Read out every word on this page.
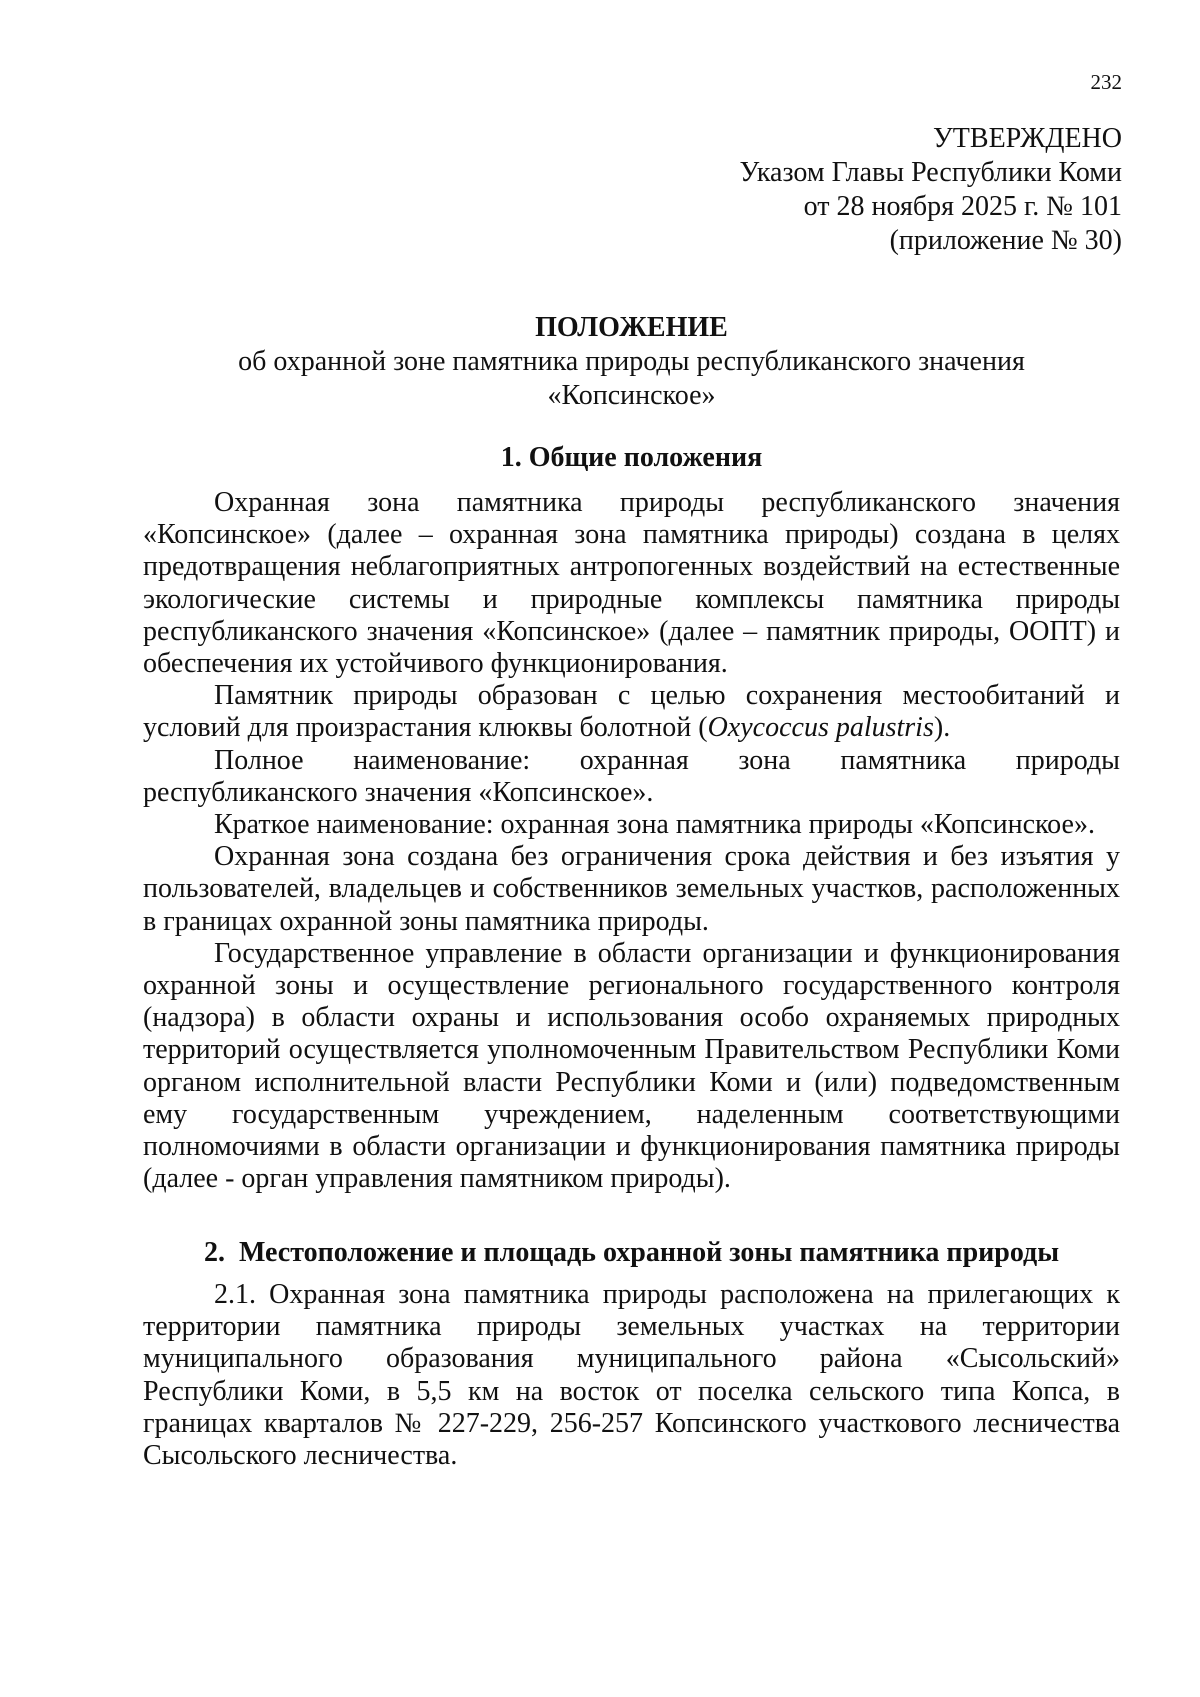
232
УТВЕРЖДЕНО
Указом Главы Республики Коми
от 28 ноября 2025 г. № 101
(приложение № 30)
ПОЛОЖЕНИЕ
об охранной зоне памятника природы республиканского значения
«Копсинское»
1. Общие положения

Охранная зона памятника природы республиканского значения «Копсинское» (далее – охранная зона памятника природы) создана в целях предотвращения неблагоприятных антропогенных воздействий на естественные экологические системы и природные комплексы памятника природы республиканского значения «Копсинское» (далее – памятник природы, ООПТ) и обеспечения их устойчивого функционирования.

Памятник природы образован с целью сохранения местообитаний и условий для произрастания клюквы болотной (Oxycoccus palustris).

Полное наименование: охранная зона памятника природы республиканского значения «Копсинское».

Краткое наименование: охранная зона памятника природы «Копсинское».

Охранная зона создана без ограничения срока действия и без изъятия у пользователей, владельцев и собственников земельных участков, расположенных в границах охранной зоны памятника природы.

Государственное управление в области организации и функционирования охранной зоны и осуществление регионального государственного контроля (надзора) в области охраны и использования особо охраняемых природных территорий осуществляется уполномоченным Правительством Республики Коми органом исполнительной власти Республики Коми и (или) подведомственным ему государственным учреждением, наделенным соответствующими полномочиями в области организации и функционирования памятника природы (далее - орган управления памятником природы).

2.  Местоположение и площадь охранной зоны памятника природы

2.1. Охранная зона памятника природы расположена на прилегающих к территории памятника природы земельных участках на территории муниципального образования муниципального района «Сысольский» Республики Коми, в 5,5 км на восток от поселка сельского типа Копса, в границах кварталов № 227-229, 256-257 Копсинского участкового лесничества Сысольского лесничества.
